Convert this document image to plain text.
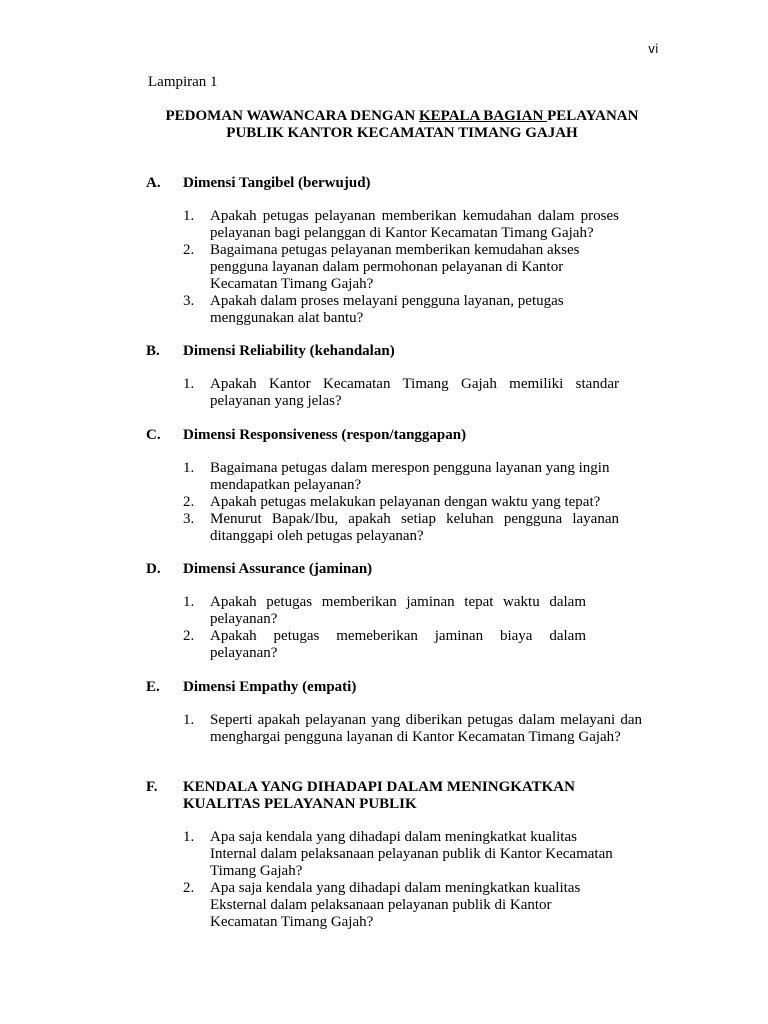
vi
Lampiran 1
PEDOMAN WAWANCARA DENGAN KEPALA BAGIAN PELAYANAN PUBLIK KANTOR KECAMATAN TIMANG GAJAH
A. Dimensi Tangibel (berwujud)
1. Apakah petugas pelayanan memberikan kemudahan dalam proses pelayanan bagi pelanggan di Kantor Kecamatan Timang Gajah?
2. Bagaimana petugas pelayanan memberikan kemudahan akses pengguna layanan dalam permohonan pelayanan di Kantor Kecamatan Timang Gajah?
3. Apakah dalam proses melayani pengguna layanan, petugas menggunakan alat bantu?
B. Dimensi Reliability (kehandalan)
1. Apakah Kantor Kecamatan Timang Gajah memiliki standar pelayanan yang jelas?
C. Dimensi Responsiveness (respon/tanggapan)
1. Bagaimana petugas dalam merespon pengguna layanan yang ingin mendapatkan pelayanan?
2. Apakah petugas melakukan pelayanan dengan waktu yang tepat?
3. Menurut Bapak/Ibu, apakah setiap keluhan pengguna layanan ditanggapi oleh petugas pelayanan?
D. Dimensi Assurance (jaminan)
1. Apakah petugas memberikan jaminan tepat waktu dalam pelayanan?
2. Apakah petugas memeberikan jaminan biaya dalam pelayanan?
E. Dimensi Empathy (empati)
1. Seperti apakah pelayanan yang diberikan petugas dalam melayani dan menghargai pengguna layanan di Kantor Kecamatan Timang Gajah?
F. KENDALA YANG DIHADAPI DALAM MENINGKATKAN KUALITAS PELAYANAN PUBLIK
1. Apa saja kendala yang dihadapi dalam meningkatkat kualitas Internal dalam pelaksanaan pelayanan publik di Kantor Kecamatan Timang Gajah?
2. Apa saja kendala yang dihadapi dalam meningkatkan kualitas Eksternal dalam pelaksanaan pelayanan publik di Kantor Kecamatan Timang Gajah?
